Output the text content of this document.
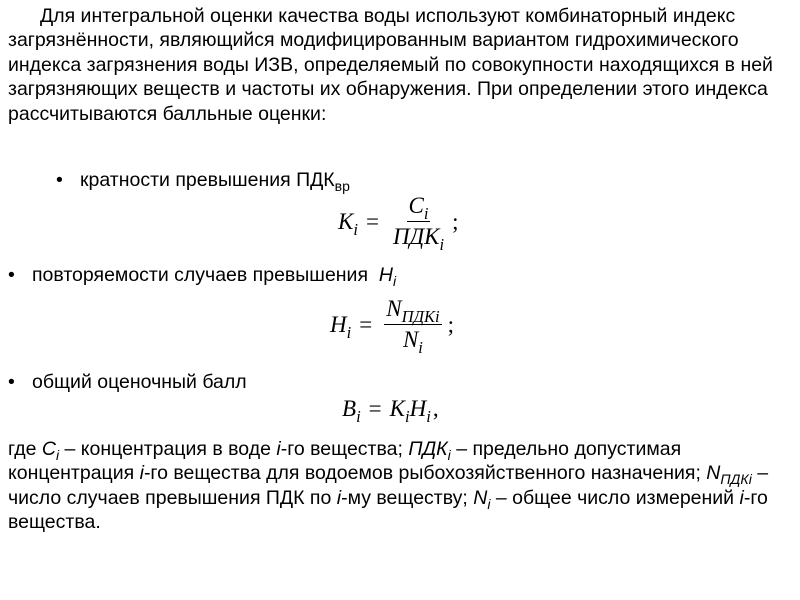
Для интегральной оценки качества воды используют комбинаторный индекс загрязнённости, являющийся модифицированным вариантом гидрохимического индекса загрязнения воды ИЗВ, определяемый по совокупности находящихся в ней загрязняющих веществ и частоты их обнаружения. При определении этого индекса рассчитываются балльные оценки:

• кратности превышения $ПДК_{вр}$
$K_i = \frac{C_i}{ПДК_i}$ ;
• повторяемости случаев превышения $H_i$
$H_i = \frac{N_{ПДКi}}{N_i}$ ;
• общий оценочный балл
$B_i = K_iH_i$ ,

где $C_i$ – концентрация в воде i-го вещества; $ПДК_i$ – предельно допустимая концентрация i-го вещества для водоемов рыбохозяйственного назначения; $N_{ПДКi}$ – число случаев превышения ПДК по i-му веществу; $N_i$ – общее число измерений i-го вещества.
